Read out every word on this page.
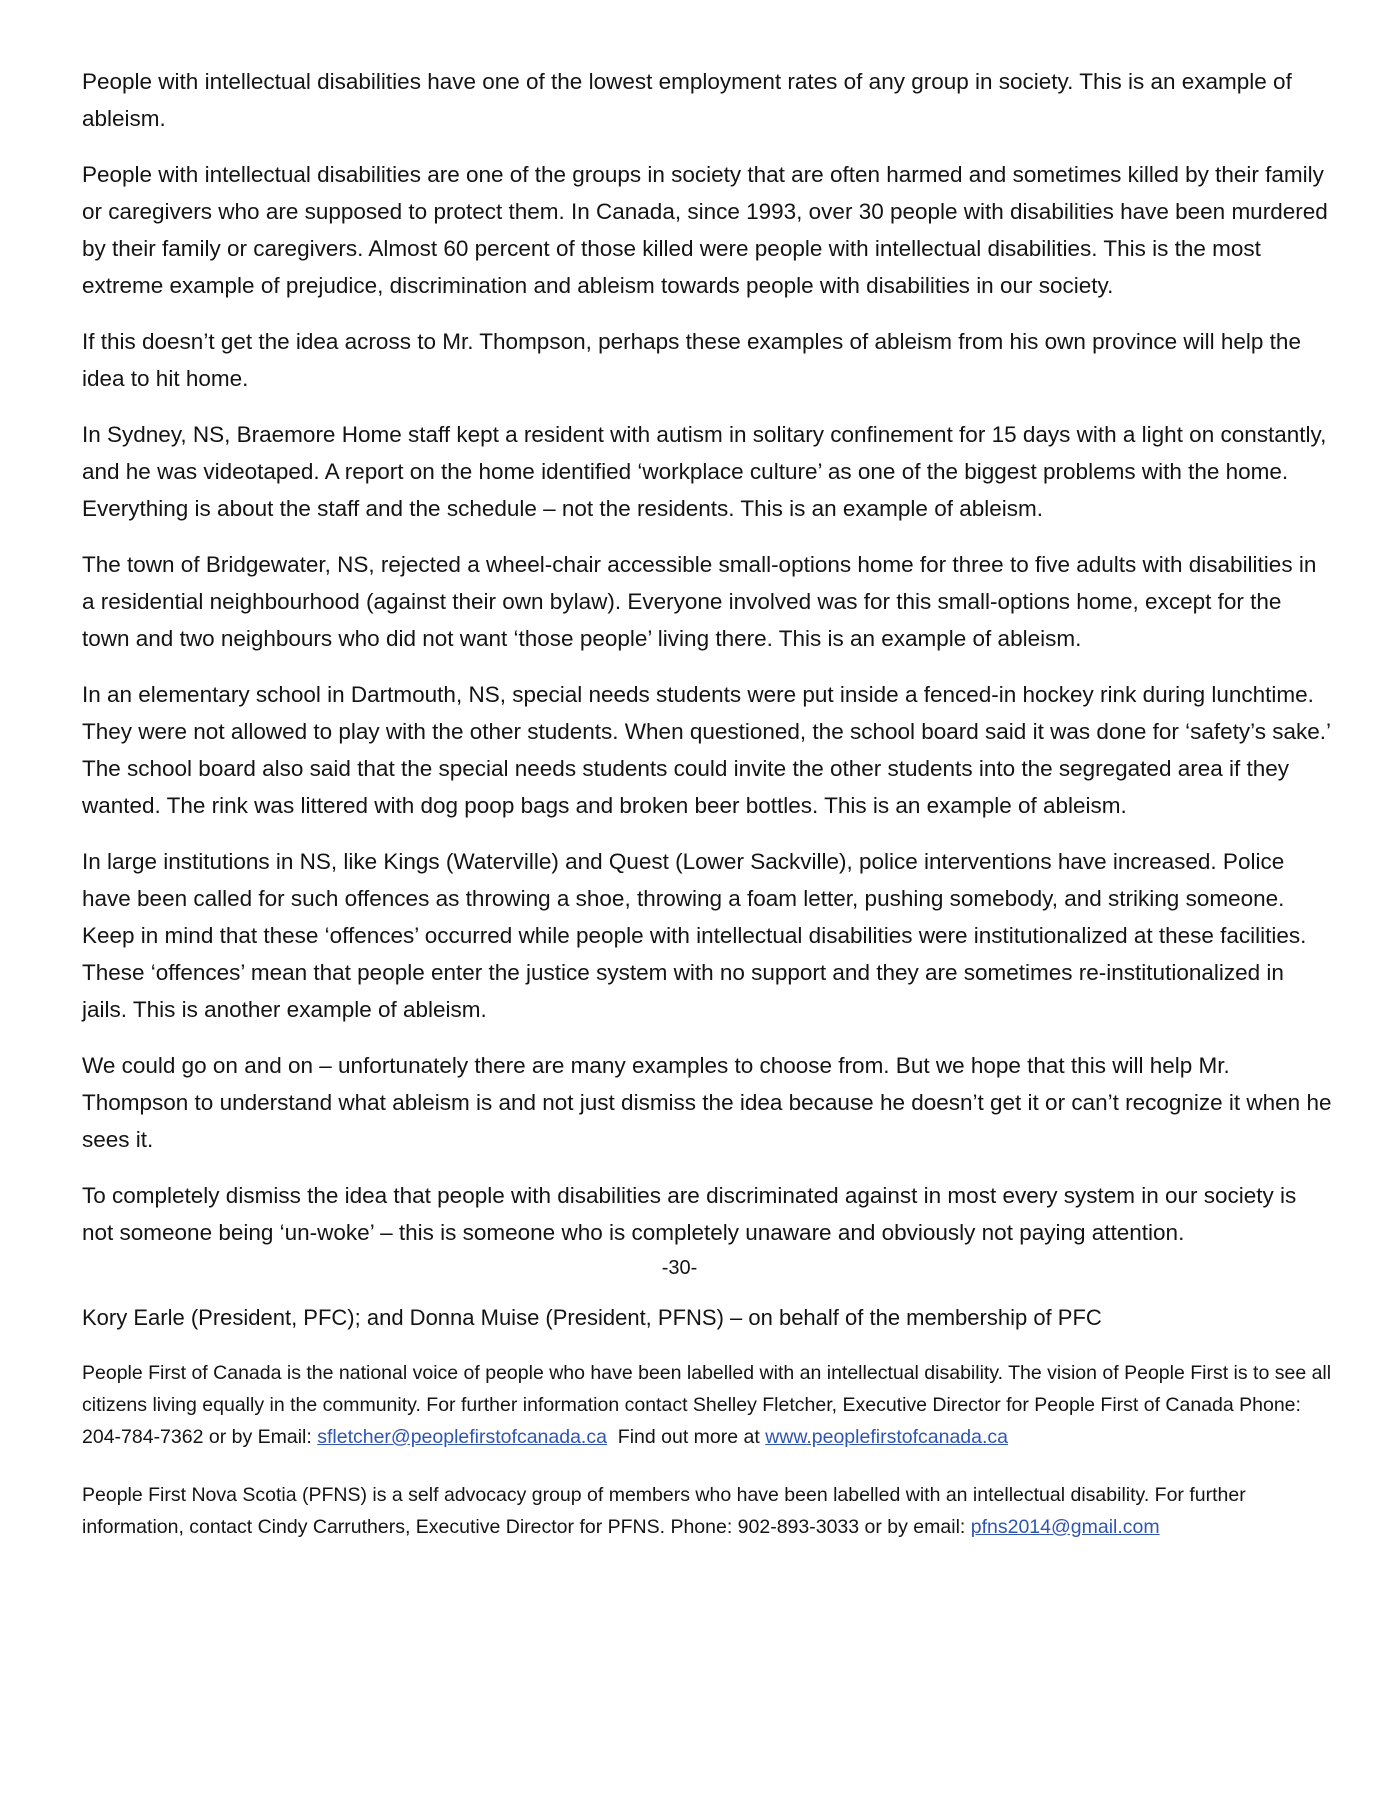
People with intellectual disabilities have one of the lowest employment rates of any group in society. This is an example of ableism.

People with intellectual disabilities are one of the groups in society that are often harmed and sometimes killed by their family or caregivers who are supposed to protect them. In Canada, since 1993, over 30 people with disabilities have been murdered by their family or caregivers. Almost 60 percent of those killed were people with intellectual disabilities. This is the most extreme example of prejudice, discrimination and ableism towards people with disabilities in our society.

If this doesn’t get the idea across to Mr. Thompson, perhaps these examples of ableism from his own province will help the idea to hit home.

In Sydney, NS, Braemore Home staff kept a resident with autism in solitary confinement for 15 days with a light on constantly, and he was videotaped. A report on the home identified ‘workplace culture’ as one of the biggest problems with the home. Everything is about the staff and the schedule – not the residents. This is an example of ableism.

The town of Bridgewater, NS, rejected a wheel-chair accessible small-options home for three to five adults with disabilities in a residential neighbourhood (against their own bylaw). Everyone involved was for this small-options home, except for the town and two neighbours who did not want ‘those people’ living there. This is an example of ableism.

In an elementary school in Dartmouth, NS, special needs students were put inside a fenced-in hockey rink during lunchtime. They were not allowed to play with the other students. When questioned, the school board said it was done for ‘safety’s sake.’ The school board also said that the special needs students could invite the other students into the segregated area if they wanted. The rink was littered with dog poop bags and broken beer bottles. This is an example of ableism.

In large institutions in NS, like Kings (Waterville) and Quest (Lower Sackville), police interventions have increased. Police have been called for such offences as throwing a shoe, throwing a foam letter, pushing somebody, and striking someone. Keep in mind that these ‘offences’ occurred while people with intellectual disabilities were institutionalized at these facilities. These ‘offences’ mean that people enter the justice system with no support and they are sometimes re-institutionalized in jails. This is another example of ableism.

We could go on and on – unfortunately there are many examples to choose from. But we hope that this will help Mr. Thompson to understand what ableism is and not just dismiss the idea because he doesn’t get it or can’t recognize it when he sees it.

To completely dismiss the idea that people with disabilities are discriminated against in most every system in our society is not someone being ‘un-woke’ – this is someone who is completely unaware and obviously not paying attention.

-30-

Kory Earle (President, PFC); and Donna Muise (President, PFNS) – on behalf of the membership of PFC

People First of Canada is the national voice of people who have been labelled with an intellectual disability. The vision of People First is to see all citizens living equally in the community. For further information contact Shelley Fletcher, Executive Director for People First of Canada Phone: 204-784-7362 or by Email: sfletcher@peoplefirstofcanada.ca Find out more at www.peoplefirstofcanada.ca

People First Nova Scotia (PFNS) is a self advocacy group of members who have been labelled with an intellectual disability. For further information, contact Cindy Carruthers, Executive Director for PFNS. Phone: 902-893-3033 or by email: pfns2014@gmail.com
